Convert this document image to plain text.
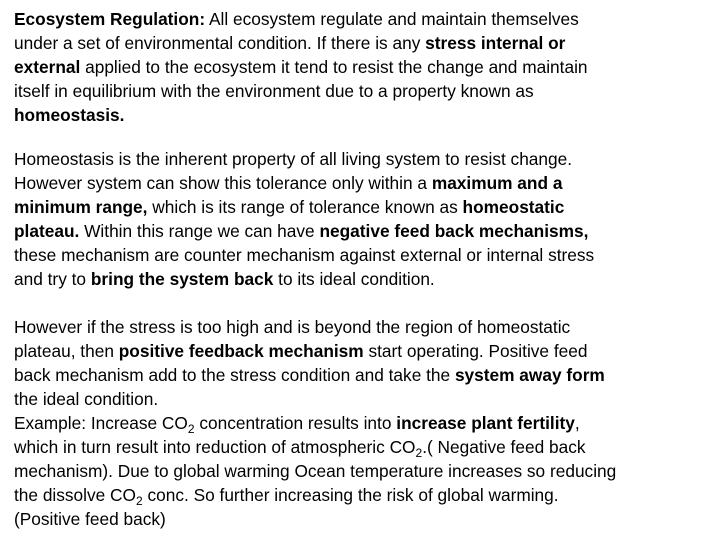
Ecosystem Regulation: All ecosystem regulate and maintain themselves
under a set of environmental condition. If there is any stress internal or
external applied to the ecosystem it tend to resist the change and maintain
itself in equilibrium with the environment due to a property known as
homeostasis.
Homeostasis is the inherent property of all living system to resist change.
However system can show this tolerance only within a maximum and a
minimum range, which is its range of tolerance known as homeostatic
plateau. Within this range we can have negative feed back mechanisms,
these mechanism are counter mechanism against external or internal stress
and try to bring the system back to its ideal condition.
However if the stress is too high and is beyond the region of homeostatic
plateau, then positive feedback mechanism start operating. Positive feed
back mechanism add to the stress condition and take the system away form
the ideal condition.
Example: Increase $CO_2$ concentration results into increase plant fertility,
which in turn result into reduction of atmospheric $CO_2$.( Negative feed back
mechanism). Due to global warming Ocean temperature increases so reducing
the dissolve $CO_2$ conc. So further increasing the risk of global warming.
(Positive feed back)
